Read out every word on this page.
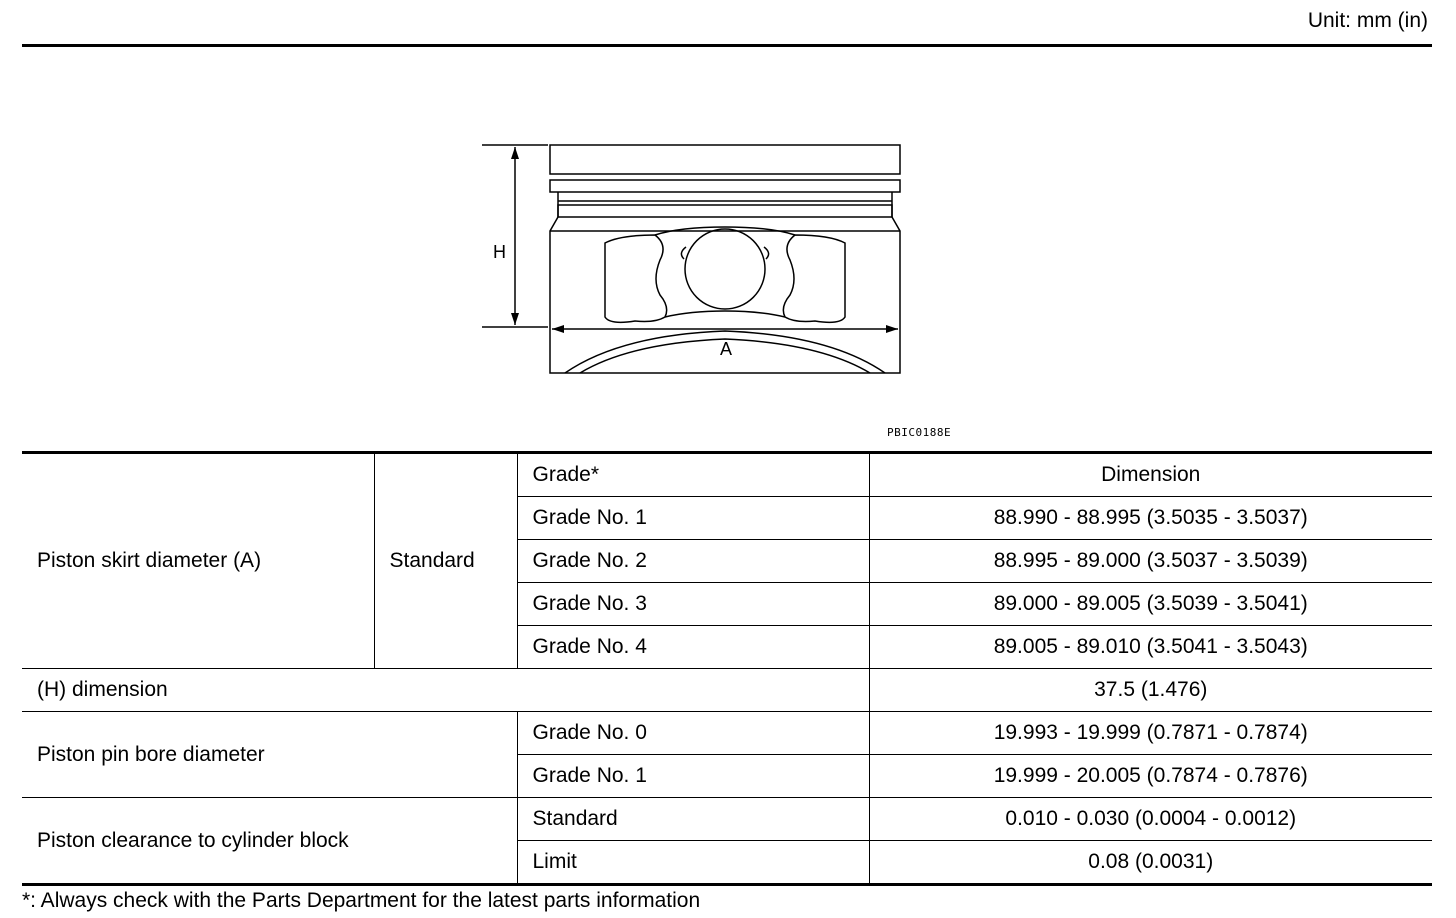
Unit: mm (in)
H
A
PBIC0188E
Piston skirt diameter (A)	Standard	Grade*	Dimension
		Grade No. 1	88.990 - 88.995 (3.5035 - 3.5037)
		Grade No. 2	88.995 - 89.000 (3.5037 - 3.5039)
		Grade No. 3	89.000 - 89.005 (3.5039 - 3.5041)
		Grade No. 4	89.005 - 89.010 (3.5041 - 3.5043)
(H) dimension			37.5 (1.476)
Piston pin bore diameter		Grade No. 0	19.993 - 19.999 (0.7871 - 0.7874)
		Grade No. 1	19.999 - 20.005 (0.7874 - 0.7876)
Piston clearance to cylinder block		Standard	0.010 - 0.030 (0.0004 - 0.0012)
		Limit	0.08 (0.0031)
*: Always check with the Parts Department for the latest parts information
